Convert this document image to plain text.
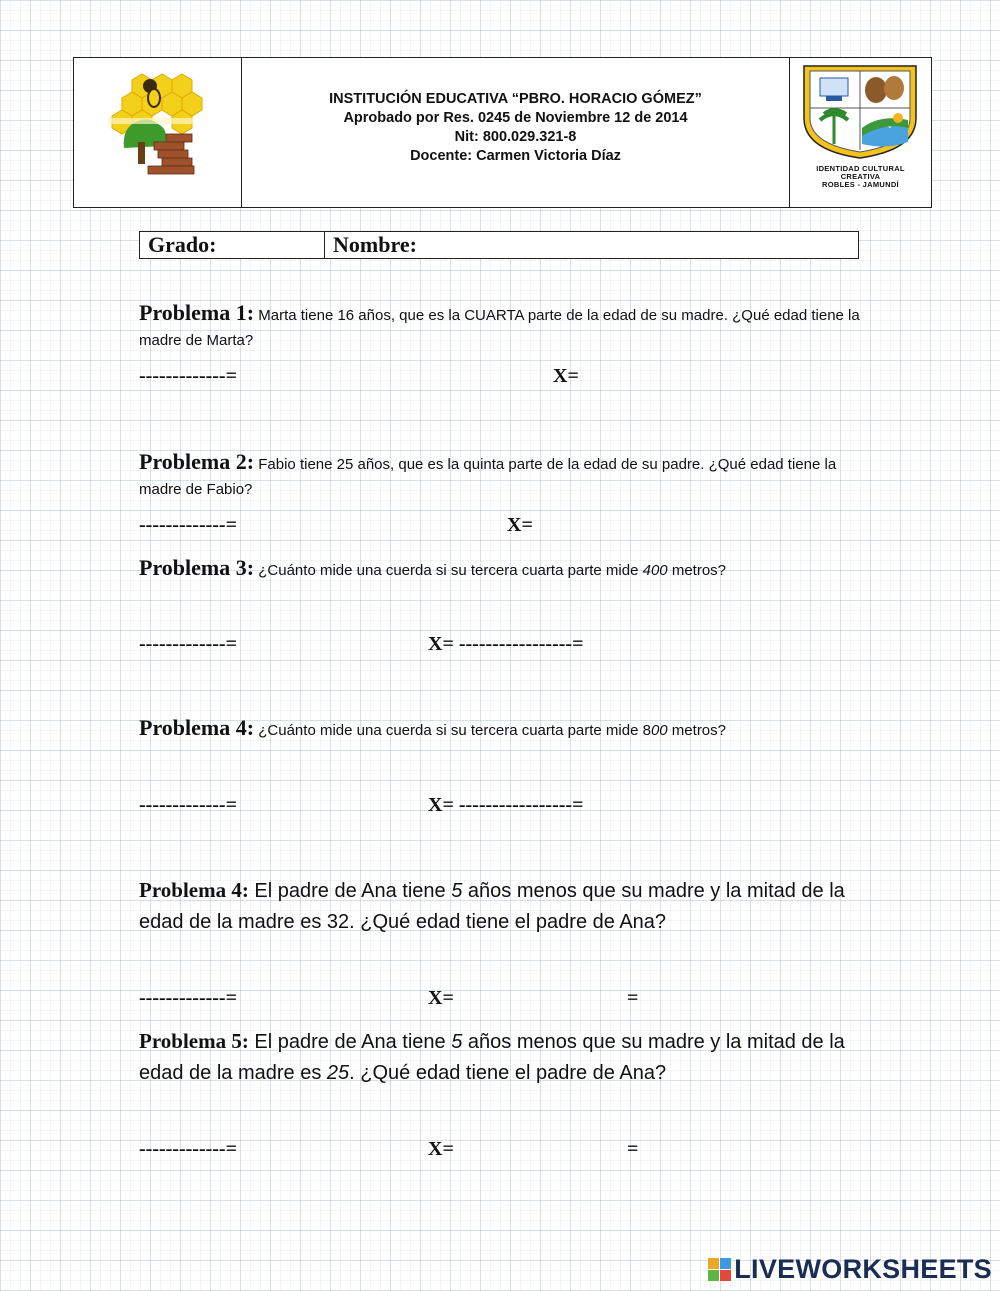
INSTITUCIÓN EDUCATIVA “PBRO. HORACIO GÓMEZ”
Aprobado por Res. 0245 de Noviembre 12 de 2014
Nit: 800.029.321-8
Docente: Carmen Victoria Díaz
IDENTIDAD CULTURAL
CREATIVA
ROBLES - JAMUNDÍ
Grado:	Nombre:
Problema 1: Marta tiene 16 años, que es la CUARTA parte de la edad de su madre. ¿Qué edad tiene la madre de Marta?
-------------=	X=
Problema 2: Fabio tiene 25 años, que es la quinta parte de la edad de su padre. ¿Qué edad tiene la madre de Fabio?
-------------=	X=
Problema 3: ¿Cuánto mide una cuerda si su tercera cuarta parte mide 400 metros?
-------------=	X= -----------------=
Problema 4: ¿Cuánto mide una cuerda si su tercera cuarta parte mide 800 metros?
-------------=	X= -----------------=
Problema 4: El padre de Ana tiene 5 años menos que su madre y la mitad de la edad de la madre es 32. ¿Qué edad tiene el padre de Ana?
-------------=	X=	=
Problema 5: El padre de Ana tiene 5 años menos que su madre y la mitad de la edad de la madre es 25. ¿Qué edad tiene el padre de Ana?
-------------=	X=	=
LIVEWORKSHEETS
